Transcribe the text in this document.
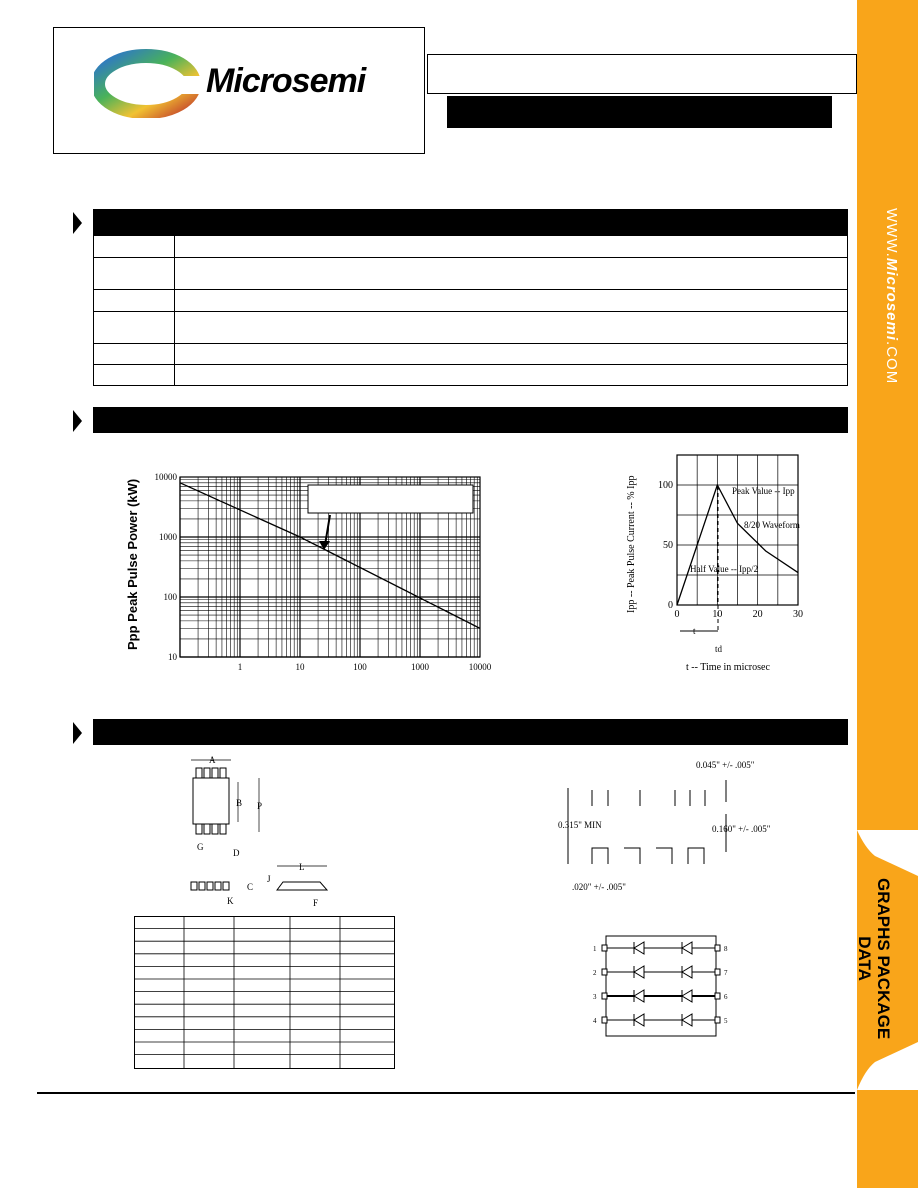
Microsemi
WWW.Microsemi.COM
GRAPHS PACKAGE
DATA

1	10	100	1000	10000
10
100
1000
10000
Ppp Peak Pulse Power (kW)	0	10	20	30
0
50
100	Peak Value -- Ipp
8/20 Waveform
Half Value -- Ipp/2
t
td
Ipp -- Peak Pulse Current -- % Ipp
t -- Time in microsec
A
B P
G
D
L
J
C
K	F
0.045" +/- .005"
0.315" MIN	0.160" +/- .005"
.020" +/- .005"
1	8
2	7
3	6
4	5
